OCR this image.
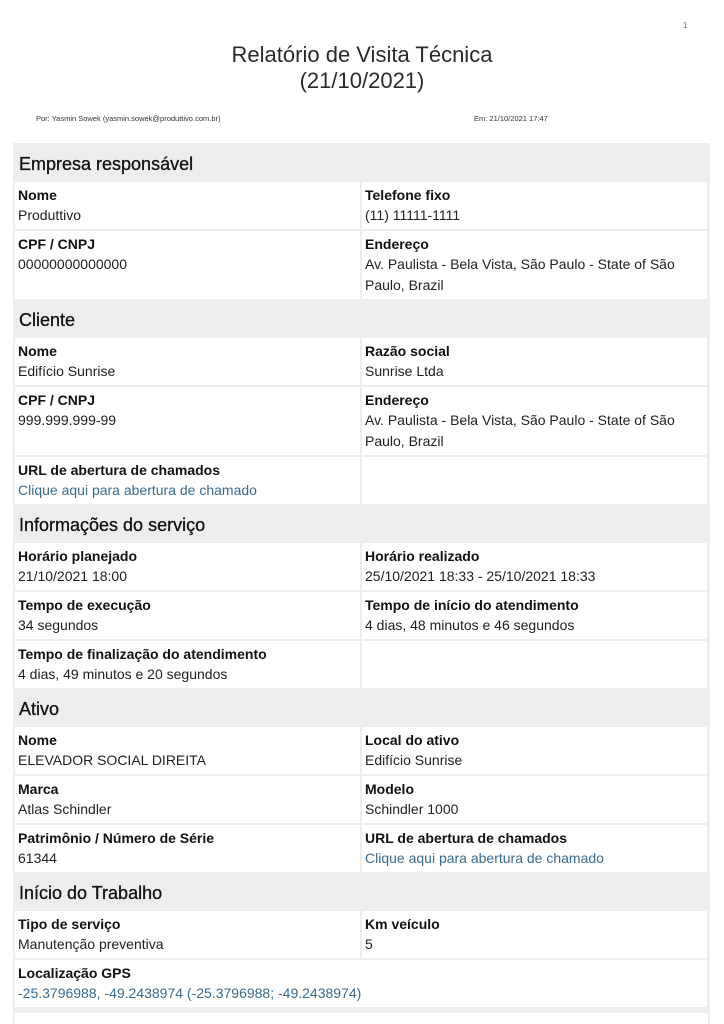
1
Relatório de Visita Técnica
(21/10/2021)
Por: Yasmin Sowek (yasmin.sowek@produttivo.com.br)	Em: 21/10/2021 17:47
Empresa responsável
Nome
Produttivo
Telefone fixo
(11) 11111-1111
CPF / CNPJ
00000000000000
Endereço
Av. Paulista - Bela Vista, São Paulo - State of São Paulo, Brazil
Cliente
Nome
Edifício Sunrise
Razão social
Sunrise Ltda
CPF / CNPJ
999.999.999-99
Endereço
Av. Paulista - Bela Vista, São Paulo - State of São Paulo, Brazil
URL de abertura de chamados
Clique aqui para abertura de chamado
Informações do serviço
Horário planejado
21/10/2021 18:00
Horário realizado
25/10/2021 18:33 - 25/10/2021 18:33
Tempo de execução
34 segundos
Tempo de início do atendimento
4 dias, 48 minutos e 46 segundos
Tempo de finalização do atendimento
4 dias, 49 minutos e 20 segundos
Ativo
Nome
ELEVADOR SOCIAL DIREITA
Local do ativo
Edifício Sunrise
Marca
Atlas Schindler
Modelo
Schindler 1000
Patrimônio / Número de Série
61344
URL de abertura de chamados
Clique aqui para abertura de chamado
Início do Trabalho
Tipo de serviço
Manutenção preventiva
Km veículo
5
Localização GPS
-25.3796988, -49.2438974 (-25.3796988; -49.2438974)
